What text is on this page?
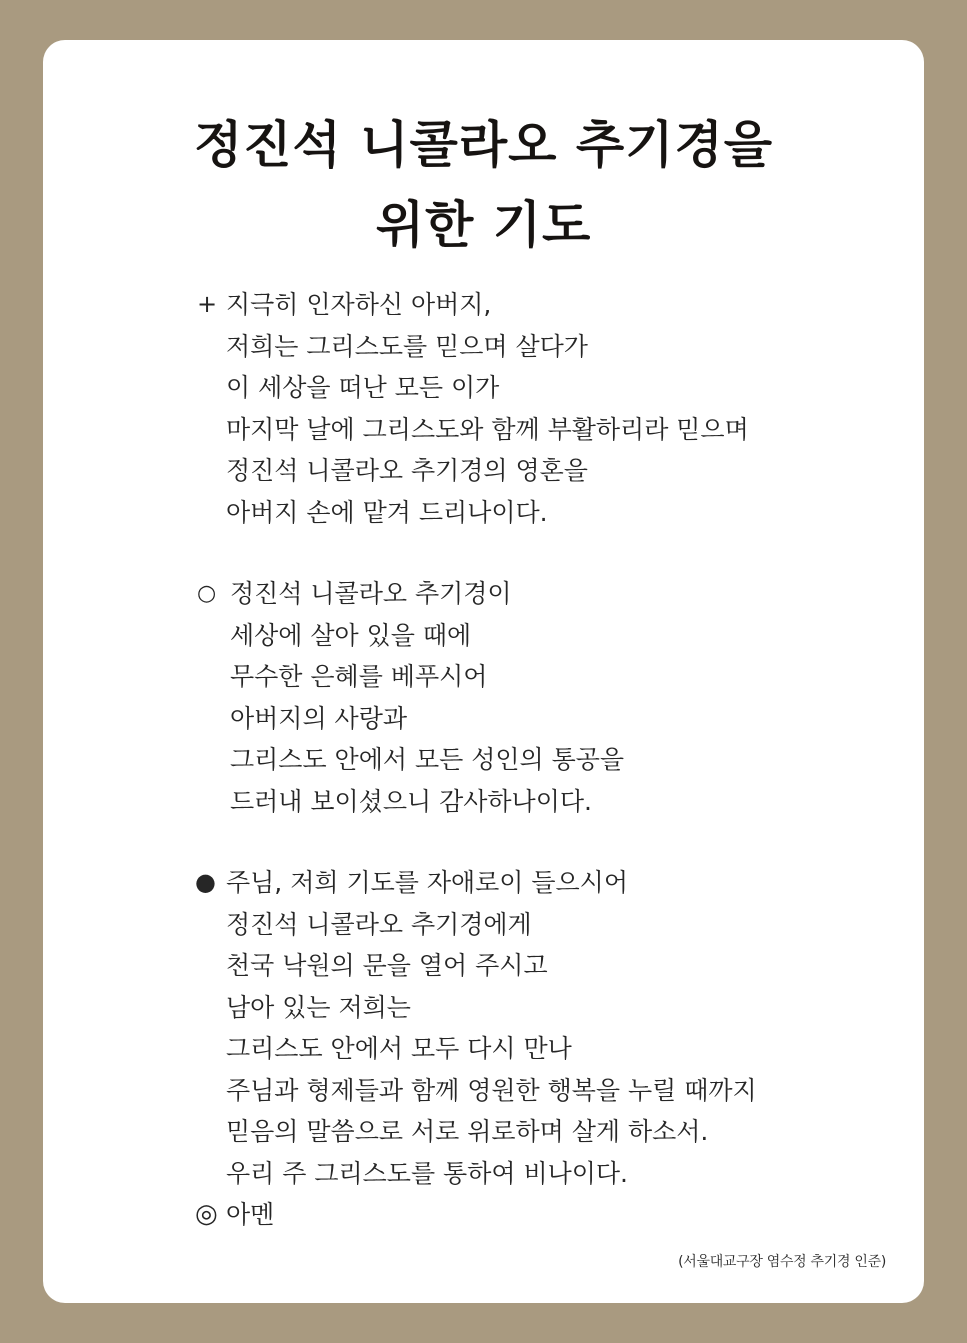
정진석 니콜라오 추기경을
위한 기도
+ 지극히 인자하신 아버지,
저희는 그리스도를 믿으며 살다가
이 세상을 떠난 모든 이가
마지막 날에 그리스도와 함께 부활하리라 믿으며
정진석 니콜라오 추기경의 영혼을
아버지 손에 맡겨 드리나이다.
○ 정진석 니콜라오 추기경이
세상에 살아 있을 때에
무수한 은혜를 베푸시어
아버지의 사랑과
그리스도 안에서 모든 성인의 통공을
드러내 보이셨으니 감사하나이다.
● 주님, 저희 기도를 자애로이 들으시어
정진석 니콜라오 추기경에게
천국 낙원의 문을 열어 주시고
남아 있는 저희는
그리스도 안에서 모두 다시 만나
주님과 형제들과 함께 영원한 행복을 누릴 때까지
믿음의 말씀으로 서로 위로하며 살게 하소서.
우리 주 그리스도를 통하여 비나이다.
◎ 아멘
(서울대교구장 염수정 추기경 인준)
